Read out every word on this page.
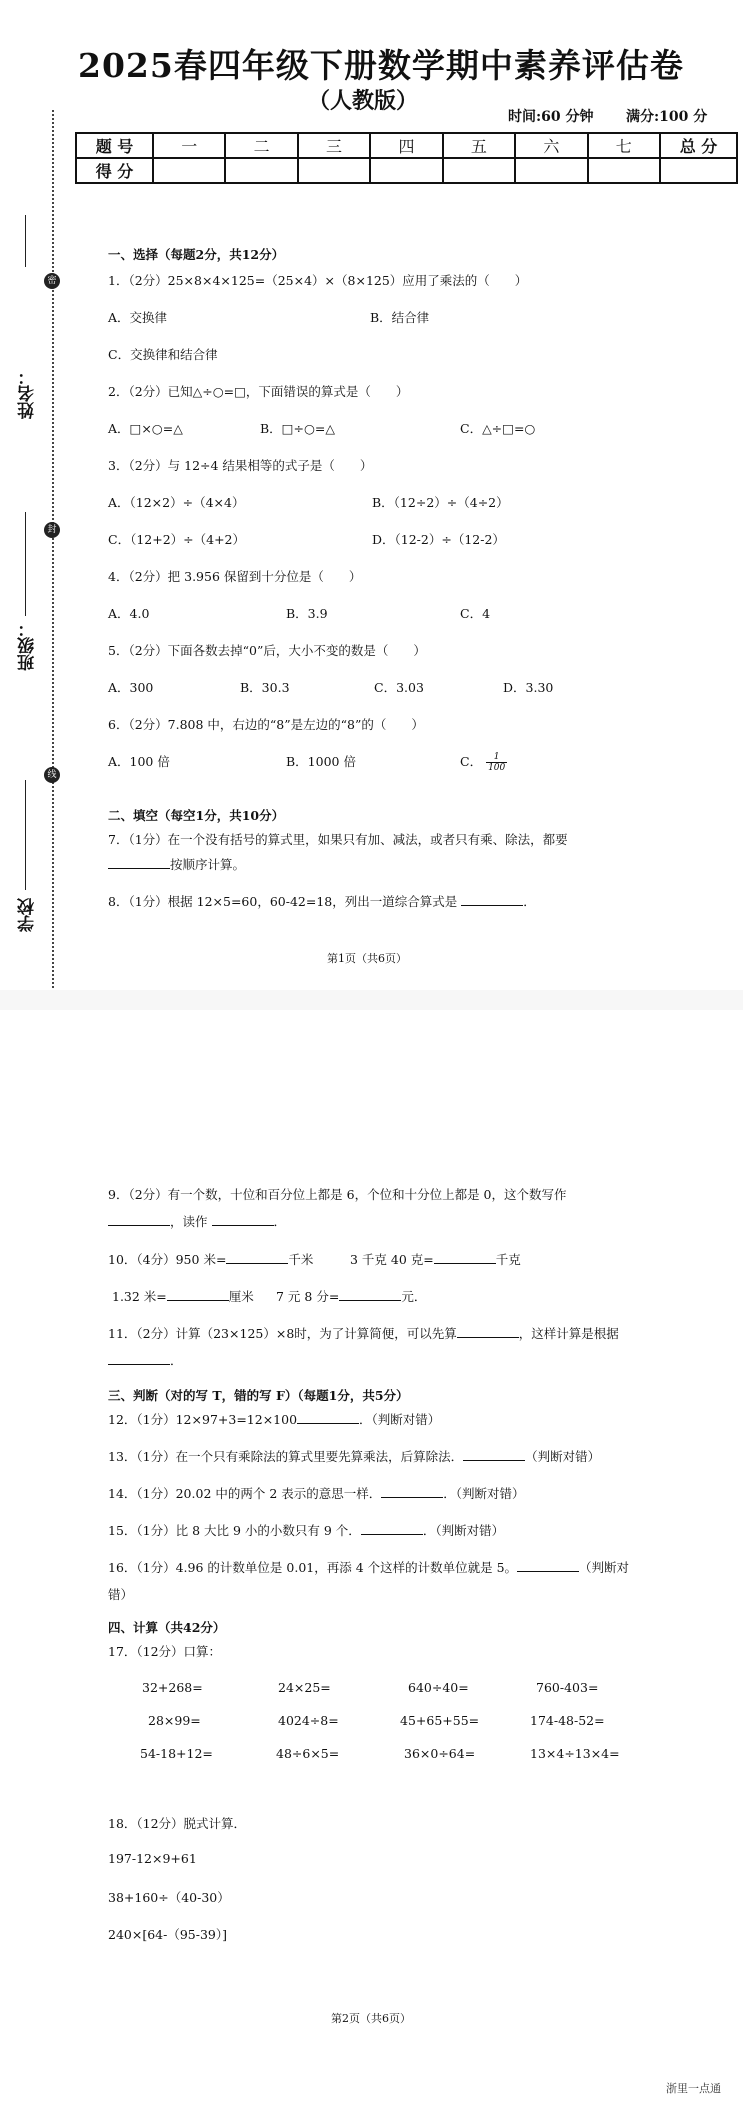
2025春四年级下册数学期中素养评估卷
（人教版）
时间:60 分钟 满分:100 分
题 号	一	二	三	四	五	六	七	总 分
得 分								
姓名：
密
班级：
封
学校
线
一、选择（每题2分，共12分）
1．（2分）25×8×4×125=（25×4）×（8×125）应用了乘法的（　　）
A．交换律	B．结合律
C．交换律和结合律
2．（2分）已知△÷○=□，下面错误的算式是（　　）
A．□×○=△	B．□÷○=△	C．△÷□=○
3．（2分）与 12÷4 结果相等的式子是（　　）
A．（12×2）÷（4×4）	B．（12÷2）÷（4÷2）
C．（12+2）÷（4+2）	D．（12-2）÷（12-2）
4．（2分）把 3.956 保留到十分位是（　　）
A．4.0	B．3.9	C．4
5．（2分）下面各数去掉“0”后，大小不变的数是（　　）
A．300	B．30.3	C．3.03	D．3.30
6．（2分）7.808 中，右边的“8”是左边的“8”的（　　）
A．100 倍	B．1000 倍	C． $\frac{1}{100}$
二、填空（每空1分，共10分）
7．（1分）在一个没有括号的算式里，如果只有加、减法，或者只有乘、除法，都要
按顺序计算。
8．（1分）根据 12×5=60，60-42=18，列出一道综合算式是	．
第1页（共6页）
9．（2分）有一个数，十位和百分位上都是 6，个位和十分位上都是 0，这个数写作
，读作	．
10．（4分）950 米=	千米	3 千克 40 克=	千克
1.32 米=	厘米 7 元 8 分=	元．
11．（2分）计算（23×125）×8时，为了计算简便，可以先算	，这样计算是根据
．
三、判断（对的写 T，错的写 F）（每题1分，共5分）
12．（1分）12×97+3=12×100	．（判断对错）
13．（1分）在一个只有乘除法的算式里要先算乘法，后算除法．	（判断对错）
14．（1分）20.02 中的两个 2 表示的意思一样．	．（判断对错）
15．（1分）比 8 大比 9 小的小数只有 9 个．	．（判断对错）
16．（1分）4.96 的计数单位是 0.01，再添 4 个这样的计数单位就是 5。	（判断对
错）
四、计算（共42分）
17．（12分）口算：
32+268=	24×25=	640÷40=	760-403=
28×99=	4024÷8=	45+65+55=	174-48-52=
54-18+12=	48÷6×5=	36×0÷64=	13×4÷13×4=
18．（12分）脱式计算．
197-12×9+61
38+160÷（40-30）
240×[64-（95-39）]
第2页（共6页）
浙里一点通
